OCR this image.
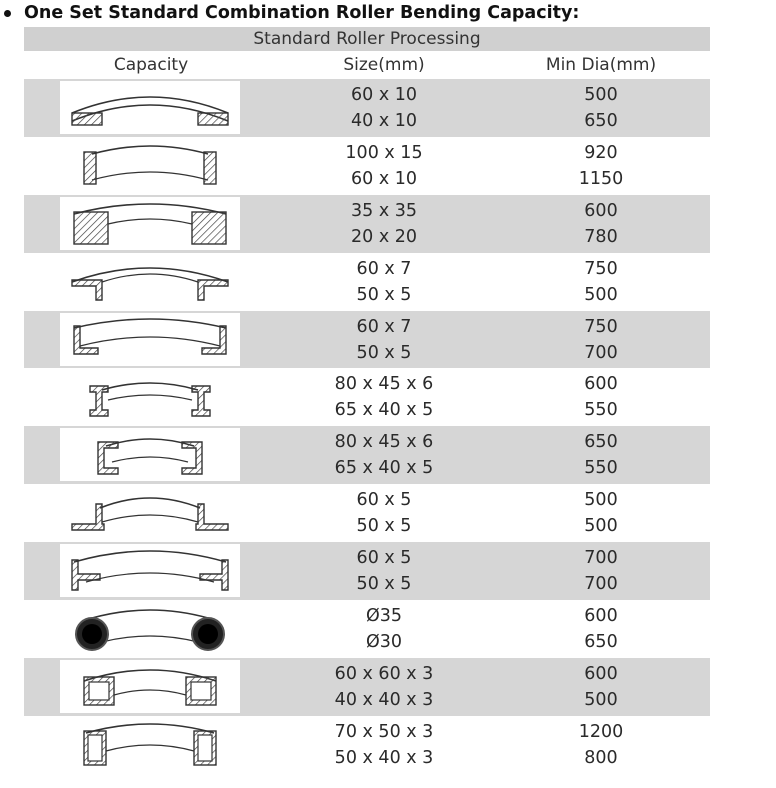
One Set Standard Combination Roller Bending Capacity:
Standard Roller Processing
Capacity	Size(mm)	Min Dia(mm)
60 x 10
40 x 10
500
650
100 x 15
60 x 10
920
1150
35 x 35
20 x 20
600
780
60 x 7
50 x 5
750
500
60 x 7
50 x 5
750
700
80 x 45 x 6
65 x 40 x 5
600
550
80 x 45 x 6
65 x 40 x 5
650
550
60 x 5
50 x 5
500
500
60 x 5
50 x 5
700
700
Ø35
Ø30
600
650
60 x 60 x 3
40 x 40 x 3
600
500
70 x 50 x 3
50 x 40 x 3
1200
800
